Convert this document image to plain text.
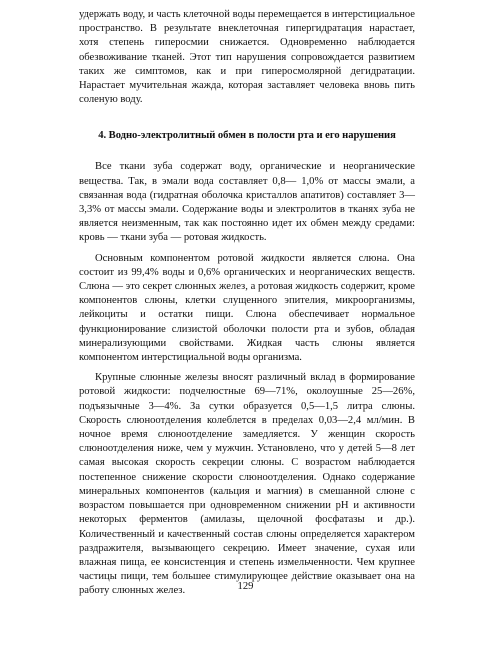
удержать воду, и часть клеточной воды перемещается в интерстициальное пространство. В результате внеклеточная гипергидратация нарастает, хотя степень гиперосмии снижается. Одновременно наблюдается обезвоживание тканей. Этот тип нарушения сопровождается развитием таких же симптомов, как и при гиперосмолярной дегидратации. Нарастает мучительная жажда, которая заставляет человека вновь пить соленую воду.

4. Водно-электролитный обмен в полости рта и его нарушения

Все ткани зуба содержат воду, органические и неорганические вещества. Так, в эмали вода составляет 0,8— 1,0% от массы эмали, а связанная вода (гидратная оболочка кристаллов апатитов) составляет 3—3,3% от массы эмали. Содержание воды и электролитов в тканях зуба не является неизменным, так как постоянно идет их обмен между средами: кровь — ткани зуба — ротовая жидкость.

Основным компонентом ротовой жидкости является слюна. Она состоит из 99,4% воды и 0,6% органических и неорганических веществ. Слюна — это секрет слюнных желез, а ротовая жидкость содержит, кроме компонентов слюны, клетки слущенного эпителия, микроорганизмы, лейкоциты и остатки пищи. Слюна обеспечивает нормальное функционирование слизистой оболочки полости рта и зубов, обладая минерализующими свойствами. Жидкая часть слюны является компонентом интерстициальной воды организма.

Крупные слюнные железы вносят различный вклад в формирование ротовой жидкости: подчелюстные 69—71%, околоушные 25—26%, подъязычные 3—4%. За сутки образуется 0,5—1,5 литра слюны. Скорость слюноотделения колеблется в пределах 0,03—2,4 мл/мин. В ночное время слюноотделение замедляется. У женщин скорость слюноотделения ниже, чем у мужчин. Установлено, что у детей 5—8 лет самая высокая скорость секреции слюны. С возрастом наблюдается постепенное снижение скорости слюноотделения. Однако содержание минеральных компонентов (кальция и магния) в смешанной слюне с возрастом повышается при одновременном снижении рН и активности некоторых ферментов (амилазы, щелочной фосфатазы и др.). Количественный и качественный состав слюны определяется характером раздражителя, вызывающего секрецию. Имеет значение, сухая или влажная пища, ее консистенция и степень измельченности. Чем крупнее частицы пищи, тем большее стимулирующее действие оказывает она на работу слюнных желез.	129
